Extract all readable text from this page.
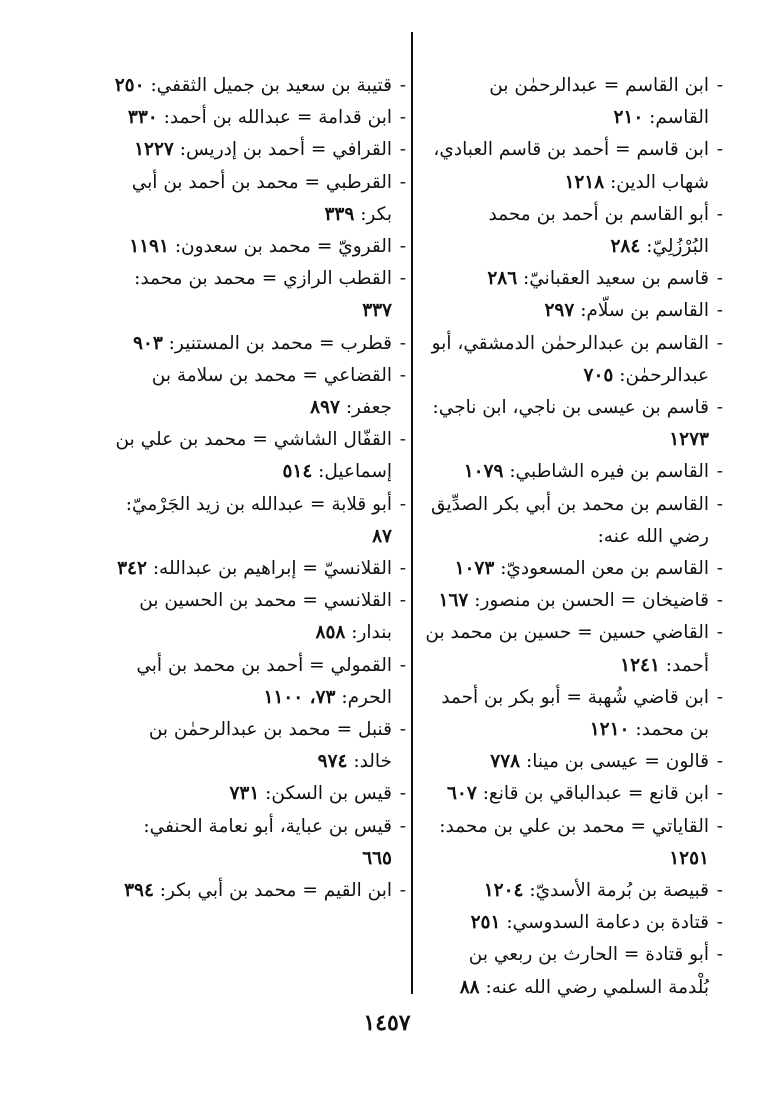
-
ابن القاسم = عبدالرحمٰن بن القاسم: ٢١٠
-
ابن قاسم = أحمد بن قاسم العبادي، شهاب الدين: ١٢١٨
-
أبو القاسم بن أحمد بن محمد البُرْزُلِيّ: ٢٨٤
-
قاسم بن سعيد العقبانيّ: ٢٨٦
-
القاسم بن سلّام: ٢٩٧
-
القاسم بن عبدالرحمٰن الدمشقي، أبو عبدالرحمٰن: ٧٠٥
-
قاسم بن عيسى بن ناجي، ابن ناجي: ١٢٧٣
-
القاسم بن فيره الشاطبي: ١٠٧٩
-
القاسم بن محمد بن أبي بكر الصدِّيق رضي الله عنه:
-
القاسم بن معن المسعوديّ: ١٠٧٣
-
قاضيخان = الحسن بن منصور: ١٦٧
-
القاضي حسين = حسين بن محمد بن أحمد: ١٢٤١
-
ابن قاضي شُهبة = أبو بكر بن أحمد بن محمد: ١٢١٠
-
قالون = عيسى بن مينا: ٧٧٨
-
ابن قانع = عبدالباقي بن قانع: ٦٠٧
-
القاياتي = محمد بن علي بن محمد: ١٢٥١
-
قبيصة بن بُرمة الأسديّ: ١٢٠٤
-
قتادة بن دعامة السدوسي: ٢٥١
-
أبو قتادة = الحارث بن ربعي بن بُلْدمة السلمي رضي الله عنه: ٨٨
-
قتيبة بن سعيد بن جميل الثقفي: ٢٥٠
-
ابن قدامة = عبدالله بن أحمد: ٣٣٠
-
القرافي = أحمد بن إدريس: ١٢٢٧
-
القرطبي = محمد بن أحمد بن أبي بكر: ٣٣٩
-
القرويّ = محمد بن سعدون: ١١٩١
-
القطب الرازي = محمد بن محمد: ٣٣٧
-
قطرب = محمد بن المستنير: ٩٠٣
-
القضاعي = محمد بن سلامة بن جعفر: ٨٩٧
-
القفّال الشاشي = محمد بن علي بن إسماعيل: ٥١٤
-
أبو قلابة = عبدالله بن زيد الجَرْميّ: ٨٧
-
القلانسيّ = إبراهيم بن عبدالله: ٣٤٢
-
القلانسي = محمد بن الحسين بن بندار: ٨٥٨
-
القمولي = أحمد بن محمد بن أبي الحرم: ٧٣، ١١٠٠
-
قنبل = محمد بن عبدالرحمٰن بن خالد: ٩٧٤
-
قيس بن السكن: ٧٣١
-
قيس بن عباية، أبو نعامة الحنفي: ٦٦٥
-
ابن القيم = محمد بن أبي بكر: ٣٩٤
١٤٥٧
